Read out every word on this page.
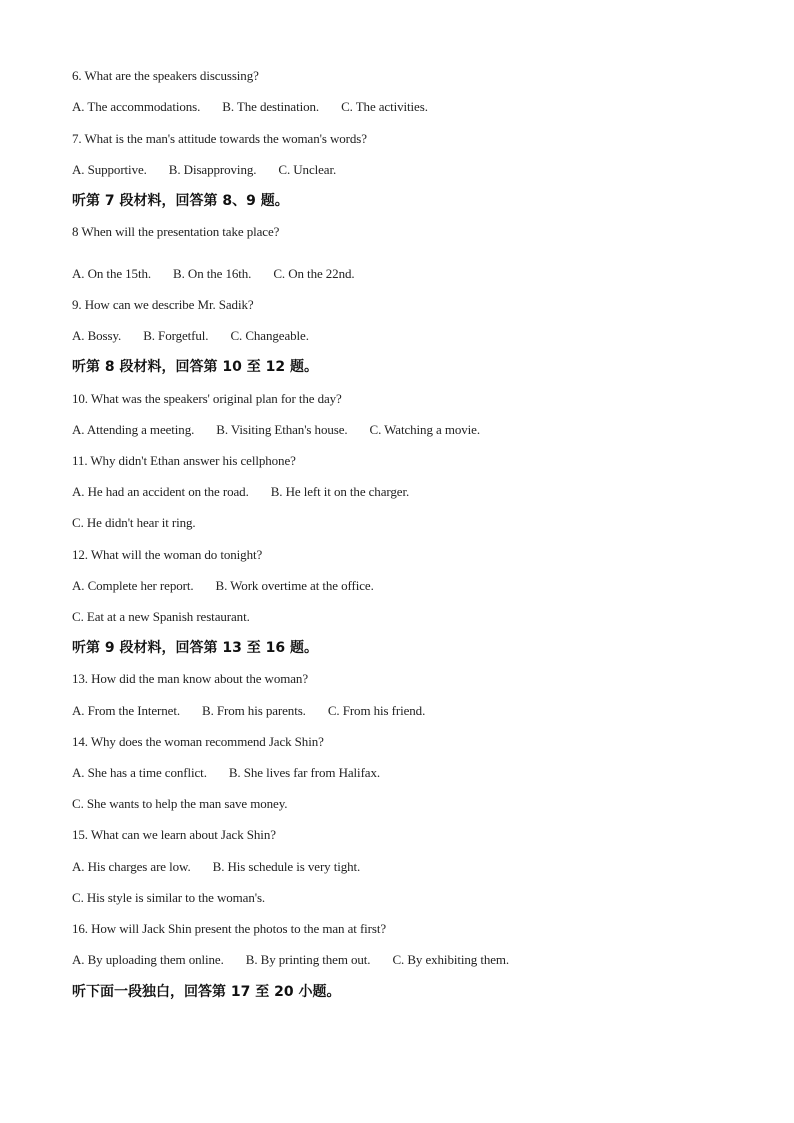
6. What are the speakers discussing?
A. The accommodations. B. The destination. C. The activities.
7. What is the man's attitude towards the woman's words?
A. Supportive. B. Disapproving. C. Unclear.
听第 7 段材料，回答第 8、9 题。
8 When will the presentation take place?
A. On the 15th. B. On the 16th. C. On the 22nd.
9. How can we describe Mr. Sadik?
A. Bossy. B. Forgetful. C. Changeable.
听第 8 段材料，回答第 10 至 12 题。
10. What was the speakers' original plan for the day?
A. Attending a meeting. B. Visiting Ethan's house. C. Watching a movie.
11. Why didn't Ethan answer his cellphone?
A. He had an accident on the road. B. He left it on the charger.
C. He didn't hear it ring.
12. What will the woman do tonight?
A. Complete her report. B. Work overtime at the office.
C. Eat at a new Spanish restaurant.
听第 9 段材料，回答第 13 至 16 题。
13. How did the man know about the woman?
A. From the Internet. B. From his parents. C. From his friend.
14. Why does the woman recommend Jack Shin?
A. She has a time conflict. B. She lives far from Halifax.
C. She wants to help the man save money.
15. What can we learn about Jack Shin?
A. His charges are low. B. His schedule is very tight.
C. His style is similar to the woman's.
16. How will Jack Shin present the photos to the man at first?
A. By uploading them online. B. By printing them out. C. By exhibiting them.
听下面一段独白，回答第 17 至 20 小题。
